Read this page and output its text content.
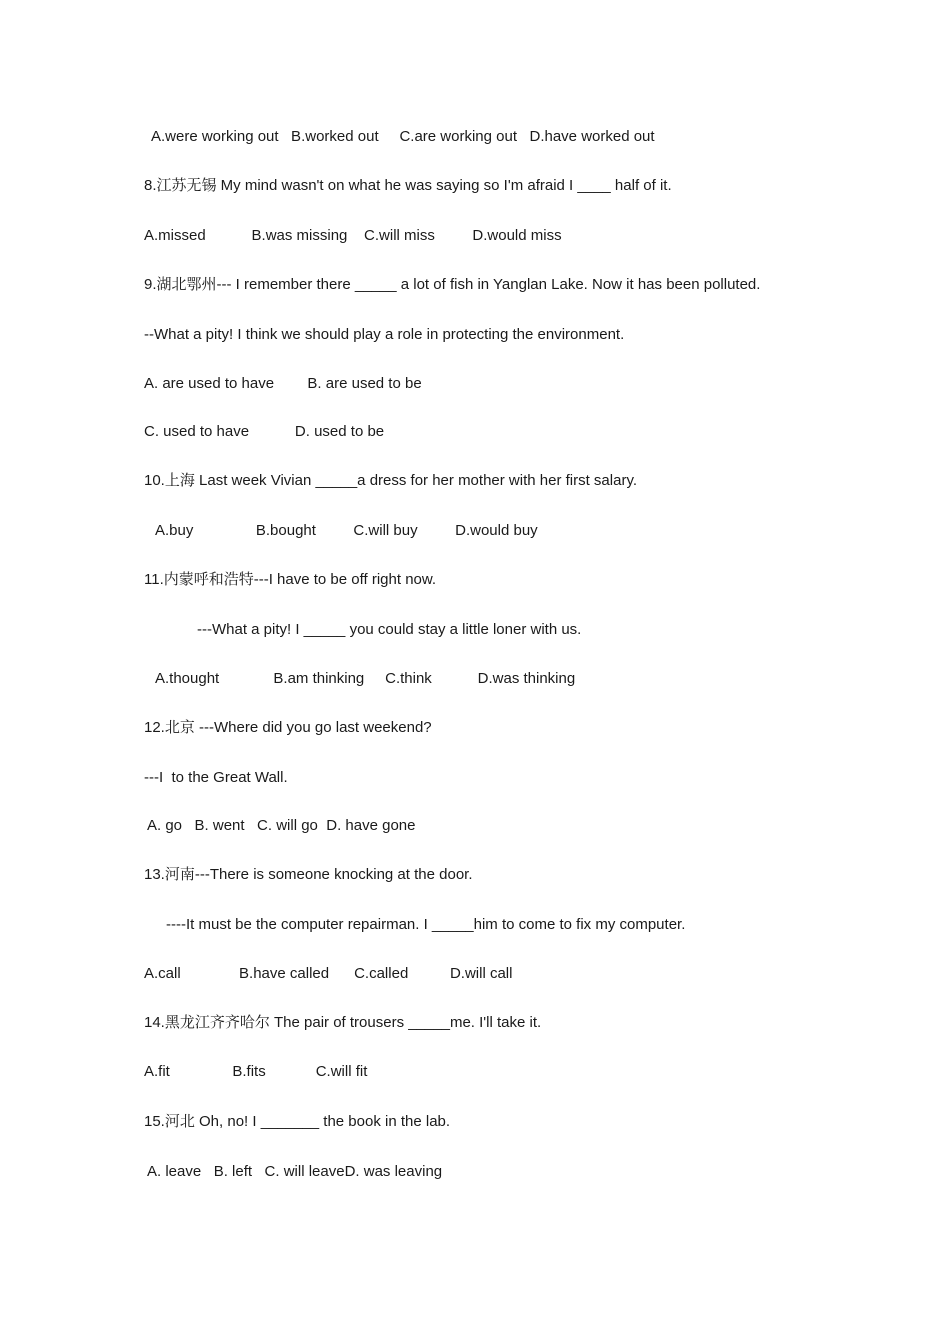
A.were working out   B.worked out     C.are working out   D.have worked out
8.江苏无锡 My mind wasn't on what he was saying so I'm afraid I ____ half of it.
A.missed           B.was missing    C.will miss         D.would miss
9.湖北鄂州--- I remember there _____ a lot of fish in Yanglan Lake. Now it has been polluted.
--What a pity! I think we should play a role in protecting the environment.
A. are used to have        B. are used to be
C. used to have           D. used to be
10.上海 Last week Vivian _____a dress for her mother with her first salary.
A.buy               B.bought         C.will buy         D.would buy
11.内蒙呼和浩特---I have to be off right now.
---What a pity! I _____ you could stay a little loner with us.
A.thought             B.am thinking     C.think           D.was thinking
12.北京 ---Where did you go last weekend?
---I  to the Great Wall.
A. go   B. went   C. will go  D. have gone
13.河南---There is someone knocking at the door.
----It must be the computer repairman. I _____him to come to fix my computer.
A.call              B.have called      C.called          D.will call
14.黑龙江齐齐哈尔 The pair of trousers _____me. I'll take it.
A.fit               B.fits            C.will fit
15.河北 Oh, no! I _______ the book in the lab.
A. leave   B. left   C. will leaveD. was leaving
